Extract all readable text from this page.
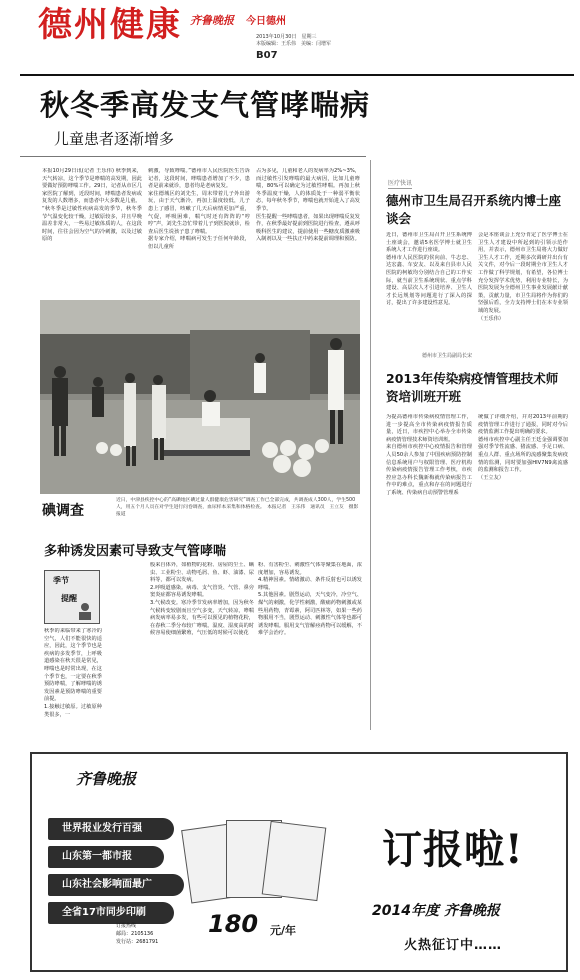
德州健康 齐鲁晚报 今日德州
2013年10月30日　星期三
本版编辑：王乐伟　美编：闫增军
B07
秋冬季高发支气管哮喘病
儿童患者逐渐增多
本报10月29日讯(记者 王乐伟) 秋季到来，天气转凉，这个季节是哮喘的高发期，因此要做好预防哮喘工作。29日，记者从市区几家医院了解到，近段时间，哮喘患者发病或复发的人数增多，而患者中大多数是儿童。
“秋冬季是过敏性疾病高发的季节，秋冬季节气温变化较干燥，过敏原较多，并且早晚温差非常大，一些易过敏体质的人，在这段时间，往往会因为空气的冷刺激，以及过敏原的
刺激，导致哮喘。”德州市人民医院医生告诉记者，这段时间，哮喘患者增加了不少，患者是前来就诊，患者均是老病复发。
家住德城区的刘先生，周末带着儿子外出游玩，由于天气渐冷，再加上温度较低，儿子患上了感冒，咳嗽了几天后病情更加严重，气促，呼吸困难，喘气时还有阵阵的“哼哼”声，刘先生急忙带着儿子到医院就诊，检查后医生说孩子患了哮喘。
据专家介绍，哮喘病可发生于任何年龄段，但以儿童所
占为多见，儿童和老人的发病率为2%~3%，而过敏性引发哮喘的最大病因，比如儿童哮喘，80%可以确定为过敏性哮喘。再加上秋冬季温度干燥，人的体质处于一种弱平衡状态，每年秋冬季节，哮喘也就开始进入了高发季节。
医生提醒一些哮喘患者，如果出现哮喘反复发作，在秋季最好提前到医院进行检查，遵从呼吸科医生的建议，提前使用一些糖皮质激素吸入制剂以及一些扶正中药来提前调理和预防。
碘调查
近日，中津县疾控中心的“高碘地区碘过量人群健康危害研究”调查工作已全部完成，共调查成人300人，学生500人，用五个月人员在对学生进行问卷调查，血尿样本采集和体格检查。　本报记者　王乐伟　通讯员　王立友　摄影报道
多种诱发因素可导致支气管哮喘
季节
提醒
秋季的来临带来了寒冷的空气，人们不能很快的适应，因此，这个季节也是疾病的多发季节，上呼吸道感染在秋天很是常见，哮喘也是时常出现，在这个季节也，一定要在秋季预防哮喘，了解哮喘的诱发因素是预防哮喘的重要前提。
1.接触过敏原。过敏原种类很多，一
般来自体外，如植物的花粉、房屋的尘土、螨虫、工业粉尘、动物毛屑、鱼、虾、油漆、尿料等，都可以发病。
2.呼吸道感染。病毒、支气管炎、气管、鼻旁窦炎症都容易诱发哮喘。
3.气候改变。寒冷季节发病率增加，因为秋冬气候转变较剧而且空气多变，天气转凉，哮喘病发病率易多发，有些可以预见的植物花粉，在春秋二季分布较广哮喘。温度、湿度高的时候容易使细菌繁殖，气压低的时候可以使花
粉、有害粉尘、刺激性气体等聚集在地面，浓度增加，容易诱发。
4.精神因素。情绪激动、条件反射也可以诱发哮喘。
5.其他因素。剧烈运动，天气变冷，冷空气、煤气的刺激，化学性刺激，酸痛药物刺激或某些用药物，青霉素，阿司匹林等，如果一些药物服用不当，剧烈运动、刺激性气体等也都可诱发哮喘。服用支气管解痉药物可以缓解，不难学会治疗。
医疗快讯
德州市卫生局召开系统内博士座谈会
近日，德州市卫生局召开卫生系统博士座谈会，邀请5名医学博士就卫生系统人才工作进行座谈。
德州市人民医院的侯向前、牛志忠、达宏鑫、车安友、以及来自县市人民医院的柯敏均分别结合自己的工作实际，就当前卫生系统现状、重点学科建设、高层次人才引进培养、卫生人才长远规划等问题进行了深入的探讨，提出了许多建设性意见。
会是本座谈会上充分肯定了医学博士在卫生人才建设中所起到的引领示范作用，并表示，德州市卫生局将大力做好卫生人才工作，近期多次调研并出台有关文件，对今后一段时期全市卫生人才工作做了科学规划，有希望，各位博士充分发挥学术优势，利用专业特长，为医院发展为全德州卫生事业发展献计献策，贡献力量，市卫生局将作为你们的坚强后盾，全力支持博士们在本专业领域的发展。
（王乐伟）
德州市卫生局副局长宋
2013年传染病疫情管理技术师资培训班开班
为提高德州市传染病疫情管理工作，进一步提高全市传染病疫情报告质量，近日，市疾控中心举办全市传染病疫情管理技术师资培训班。
来自德州市疾控中心疫情报告和管理人员50余人参加了中国疾病预防控制信息系统用户与权限管理、医疗机构传染病疫情报告管理工作考核，市疾控应急办科长魏新梅就传染病报告工作中的难点，重点和存在的问题进行了系统、传染病自动预警管理系
统做了详细介绍，并对2013年前期的疫情管理工作进行了通报，同时对今后疫情监测工作提出明确的要求。
德州市疾控中心副主任王廷金强调要加强对季节性流感、猪流感、手足口病、重点人群、重点场所的流感聚集发病疫情的监测，同时要加强HIV7N9禽流感的监测和报告工作。
（王立友）
齐鲁晚报
世界报业发行百强
山东第一都市报
山东社会影响面最广
全省17市同步印刷
订报热线
邮局：2105136
发行站：2681791
180 元/年
订报啦!
2014年度 齐鲁晚报
火热征订中……
